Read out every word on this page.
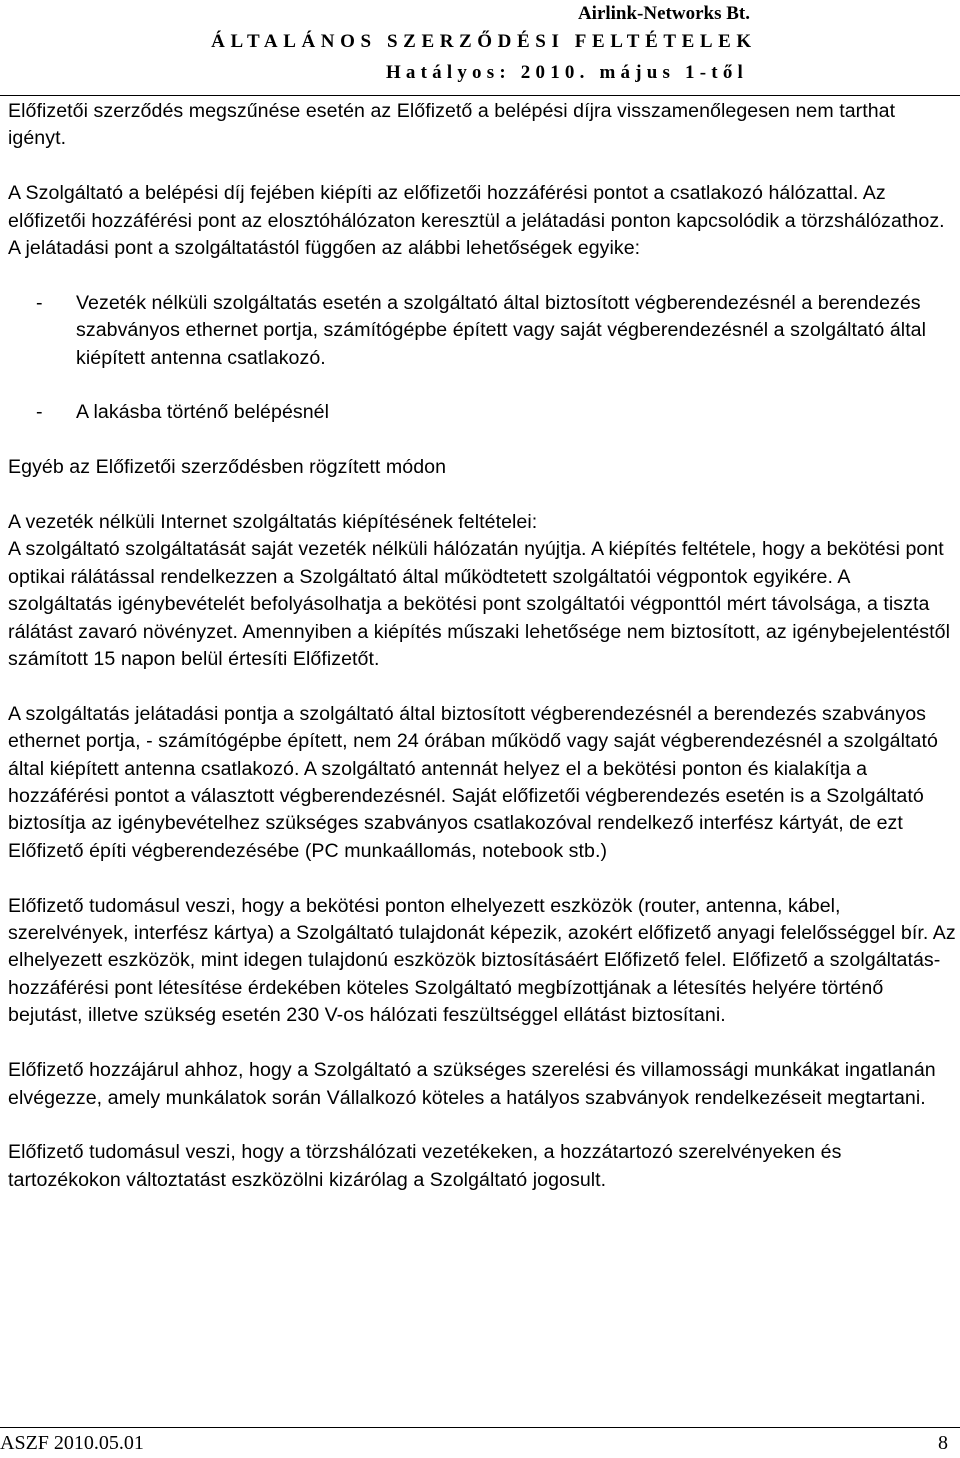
Airlink-Networks Bt.
ÁLTALÁNOS SZERZŐDÉSI FELTÉTELEK
Hatályos: 2010. május 1-től

Előfizetői szerződés megszűnése esetén az Előfizető a belépési díjra visszamenőlegesen nem tarthat igényt.

A Szolgáltató a belépési díj fejében kiépíti az előfizetői hozzáférési pontot a csatlakozó hálózattal. Az előfizetői hozzáférési pont az elosztóhálózaton keresztül a jelátadási ponton kapcsolódik a törzshálózathoz. A jelátadási pont a szolgáltatástól függően az alábbi lehetőségek egyike:

- Vezeték nélküli szolgáltatás esetén a szolgáltató által biztosított végberendezésnél a berendezés szabványos ethernet portja, számítógépbe épített vagy saját végberendezésnél a szolgáltató által kiépített antenna csatlakozó.
- A lakásba történő belépésnél

Egyéb az Előfizetői szerződésben rögzített módon

A vezeték nélküli Internet szolgáltatás kiépítésének feltételei:
A szolgáltató szolgáltatását saját vezeték nélküli hálózatán nyújtja. A kiépítés feltétele, hogy a bekötési pont optikai rálátással rendelkezzen a Szolgáltató által működtetett szolgáltatói végpontok egyikére. A szolgáltatás igénybevételét befolyásolhatja a bekötési pont szolgáltatói végponttól mért távolsága, a tiszta rálátást zavaró növényzet. Amennyiben a kiépítés műszaki lehetősége nem biztosított, az igénybejelentéstől számított 15 napon belül értesíti Előfizetőt.

A szolgáltatás jelátadási pontja a szolgáltató által biztosított végberendezésnél a berendezés szabványos ethernet portja, - számítógépbe épített, nem 24 órában működő vagy saját végberendezésnél a szolgáltató által kiépített antenna csatlakozó. A szolgáltató antennát helyez el a bekötési ponton és kialakítja a hozzáférési pontot a választott végberendezésnél. Saját előfizetői végberendezés esetén is a Szolgáltató biztosítja az igénybevételhez szükséges szabványos csatlakozóval rendelkező interfész kártyát, de ezt Előfizető építi végberendezésébe (PC munkaállomás, notebook stb.)

Előfizető tudomásul veszi, hogy a bekötési ponton elhelyezett eszközök (router, antenna, kábel, szerelvények, interfész kártya) a Szolgáltató tulajdonát képezik, azokért előfizető anyagi felelősséggel bír. Az elhelyezett eszközök, mint idegen tulajdonú eszközök biztosításáért Előfizető felel. Előfizető a szolgáltatás-hozzáférési pont létesítése érdekében köteles Szolgáltató megbízottjának a létesítés helyére történő bejutást, illetve szükség esetén 230 V-os hálózati feszültséggel ellátást biztosítani.

Előfizető hozzájárul ahhoz, hogy a Szolgáltató a szükséges szerelési és villamossági munkákat ingatlanán elvégezze, amely munkálatok során Vállalkozó köteles a hatályos szabványok rendelkezéseit megtartani.

Előfizető tudomásul veszi, hogy a törzshálózati vezetékeken, a hozzátartozó szerelvényeken és tartozékokon változtatást eszközölni kizárólag a Szolgáltató jogosult.

ASZF 2010.05.01	8
